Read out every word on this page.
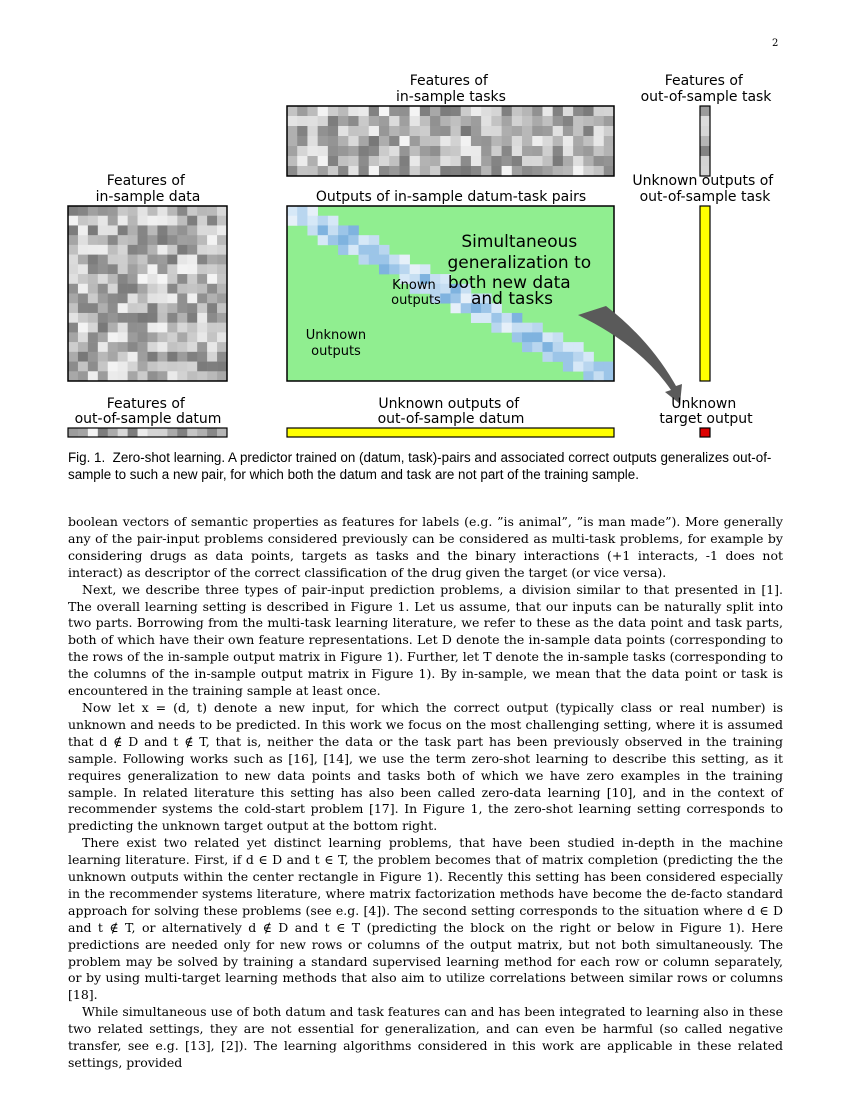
2
Features of in-sample tasks
Features of out-of-sample task
Features of in-sample data	Outputs of in-sample datum-task pairs
Unknown outputs of out-of-sample task
Simultaneous generalization to both new data and tasks
Known outputs
Unknown outputs
Features of out-of-sample datum
Unknown outputs of out-of-sample datum
Unknown target output
Fig. 1. Zero-shot learning. A predictor trained on (datum, task)-pairs and associated correct outputs generalizes out-of-sample to such a new pair, for which both the datum and task are not part of the training sample.

boolean vectors of semantic properties as features for labels (e.g. ”is animal”, ”is man made”). More generally any of the pair-input problems considered previously can be considered as multi-task problems, for example by considering drugs as data points, targets as tasks and the binary interactions (+1 interacts, -1 does not interact) as descriptor of the correct classification of the drug given the target (or vice versa).

Next, we describe three types of pair-input prediction problems, a division similar to that presented in [1]. The overall learning setting is described in Figure 1. Let us assume, that our inputs can be naturally split into two parts. Borrowing from the multi-task learning literature, we refer to these as the data point and task parts, both of which have their own feature representations. Let D denote the in-sample data points (corresponding to the rows of the in-sample output matrix in Figure 1). Further, let T denote the in-sample tasks (corresponding to the columns of the in-sample output matrix in Figure 1). By in-sample, we mean that the data point or task is encountered in the training sample at least once.

Now let x = (d, t) denote a new input, for which the correct output (typically class or real number) is unknown and needs to be predicted. In this work we focus on the most challenging setting, where it is assumed that d ∉ D and t ∉ T, that is, neither the data or the task part has been previously observed in the training sample. Following works such as [16], [14], we use the term zero-shot learning to describe this setting, as it requires generalization to new data points and tasks both of which we have zero examples in the training sample. In related literature this setting has also been called zero-data learning [10], and in the context of recommender systems the cold-start problem [17]. In Figure 1, the zero-shot learning setting corresponds to predicting the unknown target output at the bottom right.

There exist two related yet distinct learning problems, that have been studied in-depth in the machine learning literature. First, if d ∈ D and t ∈ T, the problem becomes that of matrix completion (predicting the the unknown outputs within the center rectangle in Figure 1). Recently this setting has been considered especially in the recommender systems literature, where matrix factorization methods have become the de-facto standard approach for solving these problems (see e.g. [4]). The second setting corresponds to the situation where d ∈ D and t ∉ T, or alternatively d ∉ D and t ∈ T (predicting the block on the right or below in Figure 1). Here predictions are needed only for new rows or columns of the output matrix, but not both simultaneously. The problem may be solved by training a standard supervised learning method for each row or column separately, or by using multi-target learning methods that also aim to utilize correlations between similar rows or columns [18].

While simultaneous use of both datum and task features can and has been integrated to learning also in these two related settings, they are not essential for generalization, and can even be harmful (so called negative transfer, see e.g. [13], [2]). The learning algorithms considered in this work are applicable in these related settings, provided
